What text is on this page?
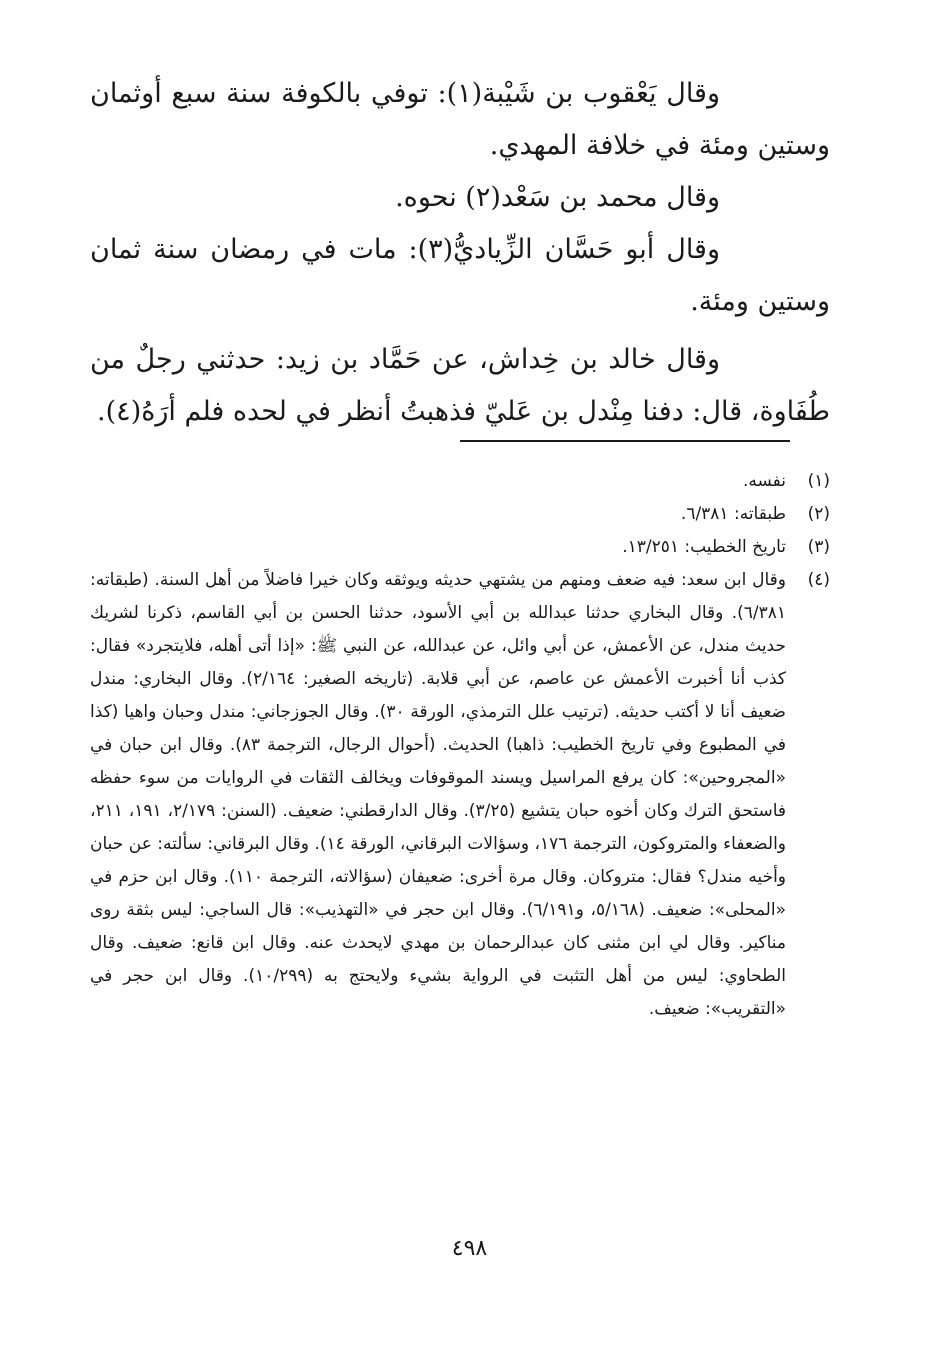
وقال يَعْقوب بن شَيْبة(١): توفي بالكوفة سنة سبع أوثمان وستين ومئة في خلافة المهدي.

وقال محمد بن سَعْد(٢) نحوه.

وقال أبو حَسَّان الزِّياديُّ(٣): مات في رمضان سنة ثمان وستين ومئة.

وقال خالد بن خِداش، عن حَمَّاد بن زيد: حدثني رجلٌ من طُفَاوة، قال: دفنا مِنْدل بن عَليّ فذهبتُ أنظر في لحده فلم أرَهُ(٤).

(١)

نفسه.

(٢)

طبقاته: ٦/٣٨١.

(٣)

تاريخ الخطيب: ١٣/٢٥١.

(٤)

وقال ابن سعد: فيه ضعف ومنهم من يشتهي حديثه ويوثقه وكان خيرا فاضلاً من أهل السنة. (طبقاته: ٦/٣٨١). وقال البخاري حدثنا عبدالله بن أبي الأسود، حدثنا الحسن بن أبي القاسم، ذكرنا لشريك حديث مندل، عن الأعمش، عن أبي وائل، عن عبدالله، عن النبي ﷺ: «إذا أتى أهله، فلايتجرد» فقال: كذب أنا أخبرت الأعمش عن عاصم، عن أبي قلابة. (تاريخه الصغير: ٢/١٦٤). وقال البخاري: مندل ضعيف أنا لا أكتب حديثه. (ترتيب علل الترمذي، الورقة ٣٠). وقال الجوزجاني: مندل وحبان واهيا (كذا في المطبوع وفي تاريخ الخطيب: ذاهبا) الحديث. (أحوال الرجال، الترجمة ٨٣). وقال ابن حبان في «المجروحين»: كان يرفع المراسيل ويسند الموقوفات ويخالف الثقات في الروايات من سوء حفظه فاستحق الترك وكان أخوه حبان يتشيع (٣/٢٥). وقال الدارقطني: ضعيف. (السنن: ٢/١٧٩، ١٩١، ٢١١، والضعفاء والمتروكون، الترجمة ١٧٦، وسؤالات البرقاني، الورقة ١٤). وقال البرقاني: سألته: عن حبان وأخيه مندل؟ فقال: متروكان. وقال مرة أخرى: ضعيفان (سؤالاته، الترجمة ١١٠). وقال ابن حزم في «المحلى»: ضعيف. (٥/١٦٨، و٦/١٩١). وقال ابن حجر في «التهذيب»: قال الساجي: ليس بثقة روى مناكير. وقال لي ابن مثنى كان عبدالرحمان بن مهدي لايحدث عنه. وقال ابن قانع: ضعيف. وقال الطحاوي: ليس من أهل التثبت في الرواية بشيء ولايحتج به (١٠/٢٩٩). وقال ابن حجر في «التقريب»: ضعيف.

٤٩٨
